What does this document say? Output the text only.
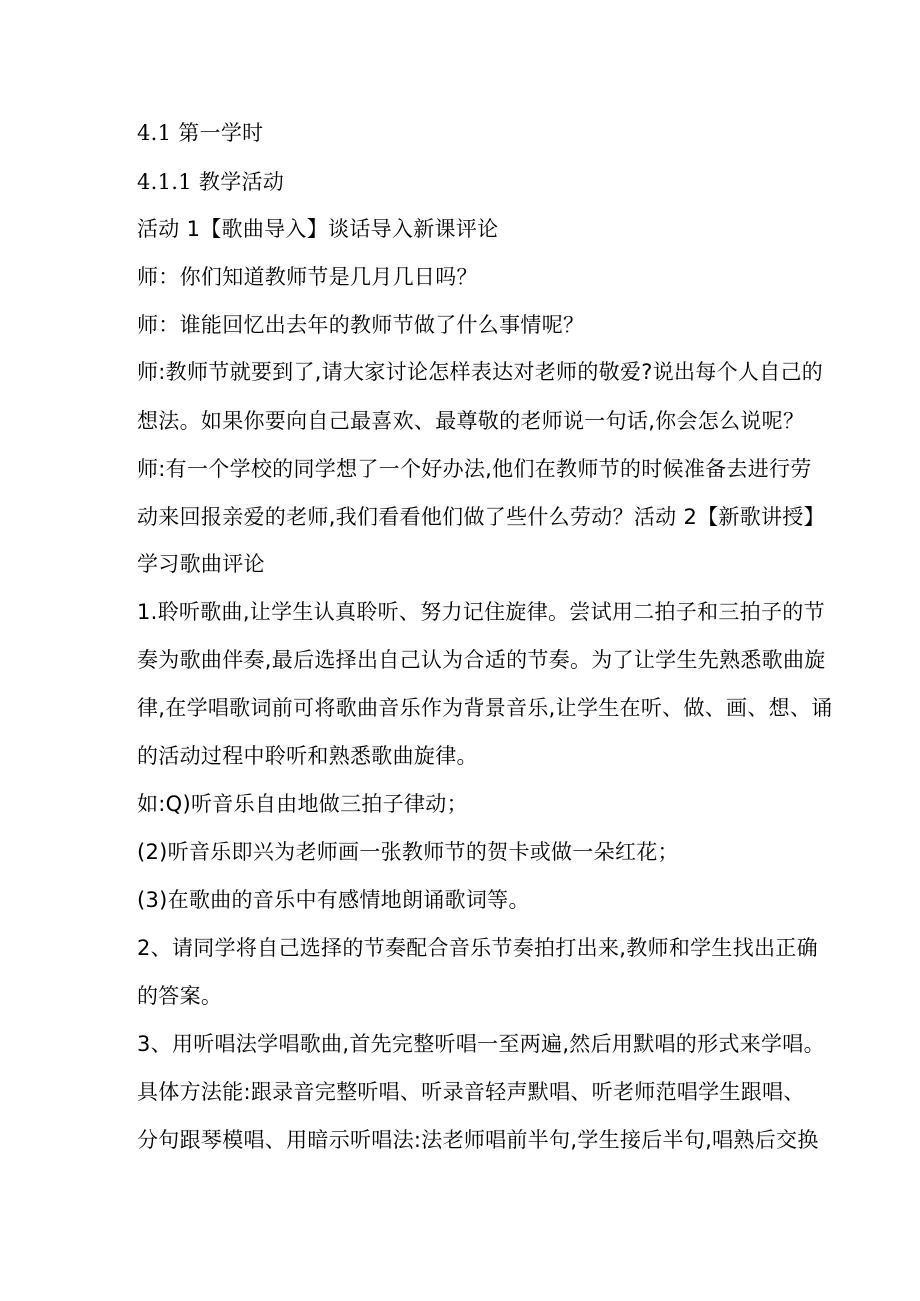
4.1 第一学时

4.1.1 教学活动

活动 1【歌曲导入】谈话导入新课评论

师：你们知道教师节是几月几日吗？

师：谁能回忆出去年的教师节做了什么事情呢？

师:教师节就要到了,请大家讨论怎样表达对老师的敬爱?说出每个人自己的

想法。如果你要向自己最喜欢、最尊敬的老师说一句话,你会怎么说呢？

师:有一个学校的同学想了一个好办法,他们在教师节的时候准备去进行劳

动来回报亲爱的老师,我们看看他们做了些什么劳动？活动 2【新歌讲授】

学习歌曲评论

1.聆听歌曲,让学生认真聆听、努力记住旋律。尝试用二拍子和三拍子的节

奏为歌曲伴奏,最后选择出自己认为合适的节奏。为了让学生先熟悉歌曲旋

律,在学唱歌词前可将歌曲音乐作为背景音乐,让学生在听、做、画、想、诵

的活动过程中聆听和熟悉歌曲旋律。

如:Q)听音乐自由地做三拍子律动；

(2)听音乐即兴为老师画一张教师节的贺卡或做一朵红花；

(3)在歌曲的音乐中有感情地朗诵歌词等。

2、请同学将自己选择的节奏配合音乐节奏拍打出来,教师和学生找出正确

的答案。

3、用听唱法学唱歌曲,首先完整听唱一至两遍,然后用默唱的形式来学唱。

具体方法能:跟录音完整听唱、听录音轻声默唱、听老师范唱学生跟唱、

分句跟琴模唱、用暗示听唱法:法老师唱前半句,学生接后半句,唱熟后交换
